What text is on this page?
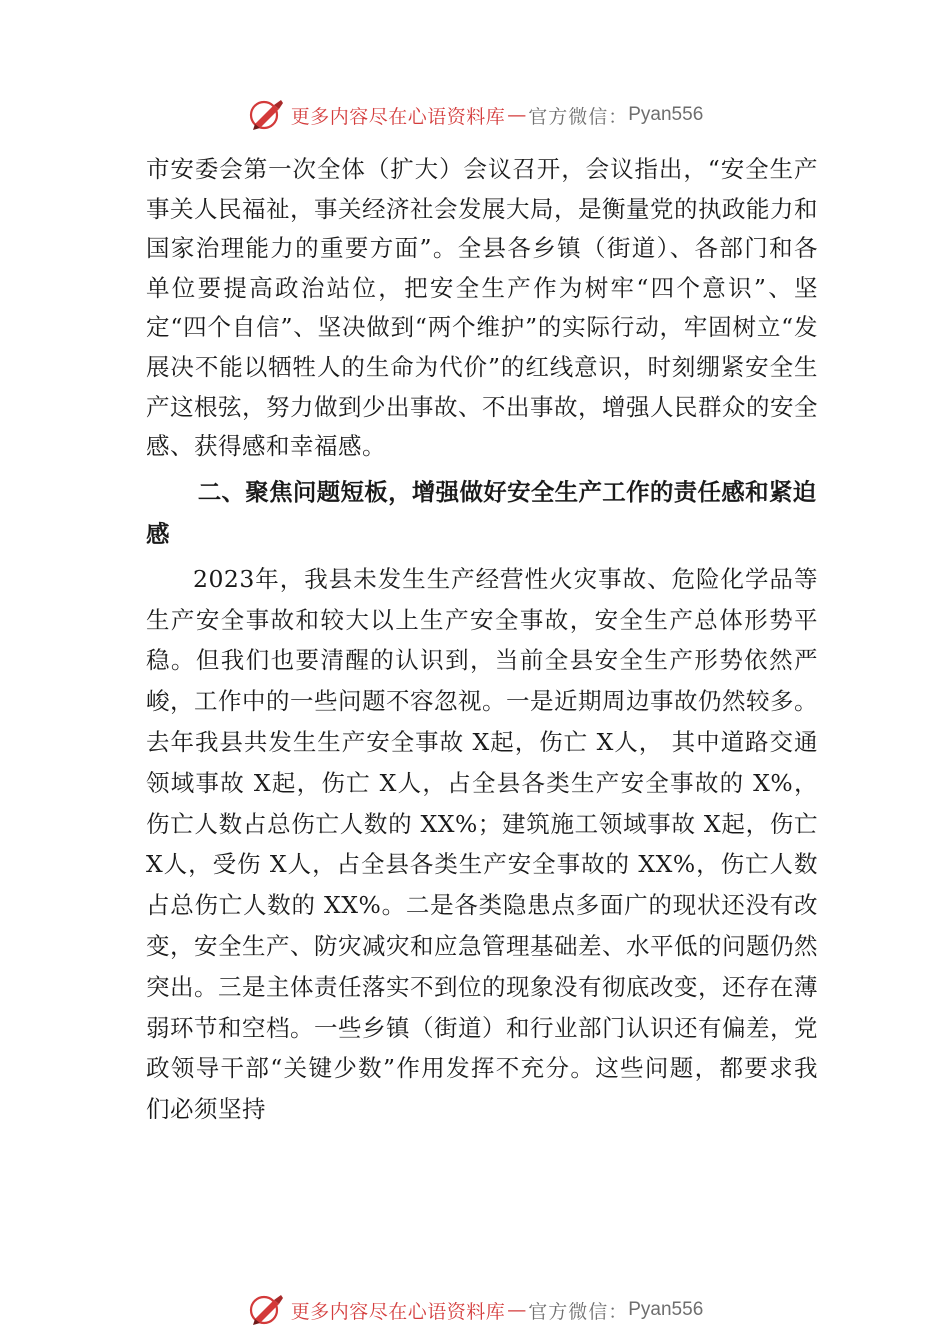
更多内容尽在心语资料库 — 官方微信： Pyan556

市安委会第一次全体（扩大）会议召开，会议指出，“安全生产事关人民福祉，事关经济社会发展大局，是衡量党的执政能力和国家治理能力的重要方面”。全县各乡镇（街道）、各部门和各单位要提高政治站位，把安全生产作为树牢“四个意识”、坚定“四个自信”、坚决做到“两个维护”的实际行动，牢固树立“发展决不能以牺牲人的生命为代价”的红线意识，时刻绷紧安全生产这根弦，努力做到少出事故、不出事故，增强人民群众的安全感、获得感和幸福感。

二、聚焦问题短板，增强做好安全生产工作的责任感和紧迫感

2023年，我县未发生生产经营性火灾事故、危险化学品等生产安全事故和较大以上生产安全事故，安全生产总体形势平稳。但我们也要清醒的认识到，当前全县安全生产形势依然严峻，工作中的一些问题不容忽视。一是近期周边事故仍然较多。去年我县共发生生产安全事故 X起，伤亡 X人， 其中道路交通领域事故 X起，伤亡 X人，占全县各类生产安全事故的 X%，伤亡人数占总伤亡人数的 XX%；建筑施工领域事故 X起，伤亡 X人，受伤 X人，占全县各类生产安全事故的 XX%，伤亡人数占总伤亡人数的 XX%。二是各类隐患点多面广的现状还没有改变，安全生产、防灾减灾和应急管理基础差、水平低的问题仍然突出。三是主体责任落实不到位的现象没有彻底改变，还存在薄弱环节和空档。一些乡镇（街道）和行业部门认识还有偏差，党政领导干部“关键少数”作用发挥不充分。这些问题，都要求我们必须坚持

更多内容尽在心语资料库 — 官方微信： Pyan556
